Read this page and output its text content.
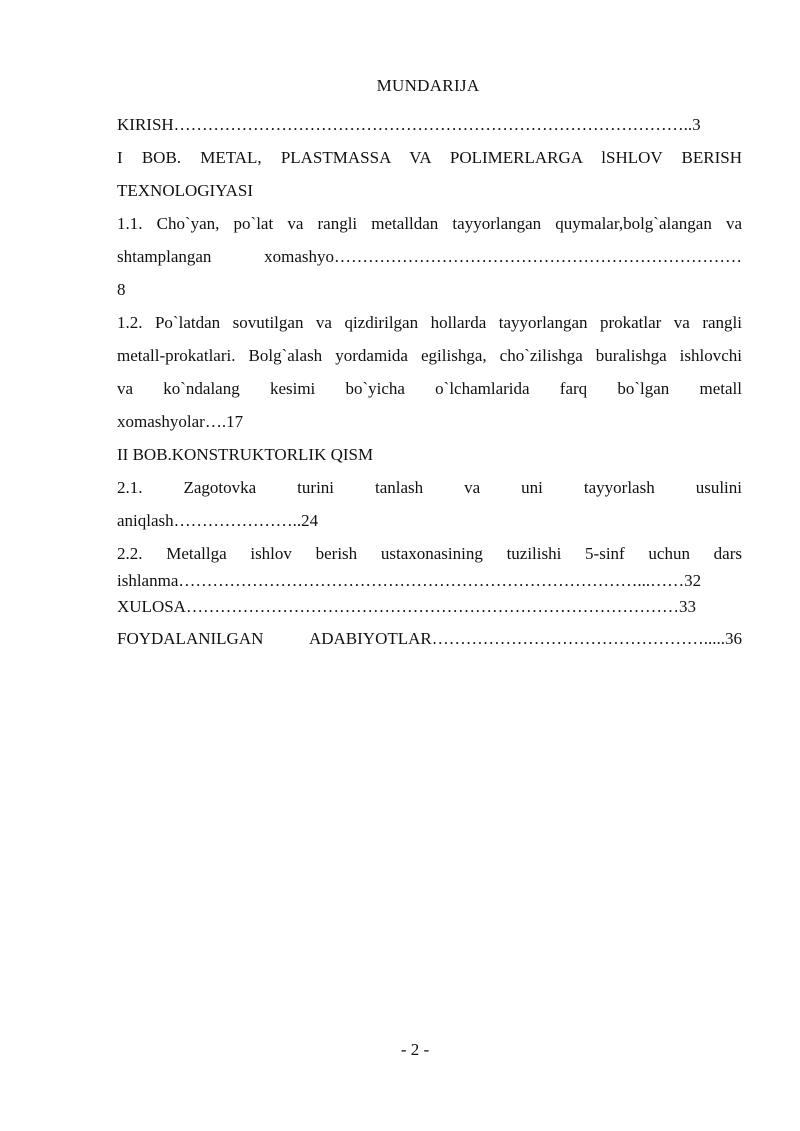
MUNDARIJA
KIRISH………………………………………………………………………………..3
I BOB. METAL, PLASTMASSA VA POLIMERLARGA lSHLOV BERISH
TEXNOLOGIYASI
1.1. Cho`yan, po`lat va rangli metalldan tayyorlangan quymalar,bolg`alangan va
shtamplangan xomashyo………………………………………………………………
8
1.2. Po`latdan sovutilgan va qizdirilgan hollarda tayyorlangan prokatlar va rangli
metall-prokatlari. Bolg`alash yordamida egilishga, cho`zilishga buralishga ishlovchi
va ko`ndalang kesimi bo`yicha o`lchamlarida farq bo`lgan metall
xomashyolar….17
II BOB.KONSTRUKTORLIK QISM
2.1. Zagotovka turini tanlash va uni tayyorlash usulini
aniqlash…………………..24
2.2. Metallga ishlov berish ustaxonasining tuzilishi 5-sinf uchun dars
ishlanma………………………………………………………………………...……32
XULOSA……………………………………………………………………………33
FOYDALANILGAN ADABIYOTLAR………………………………………….....36
- 2 -
